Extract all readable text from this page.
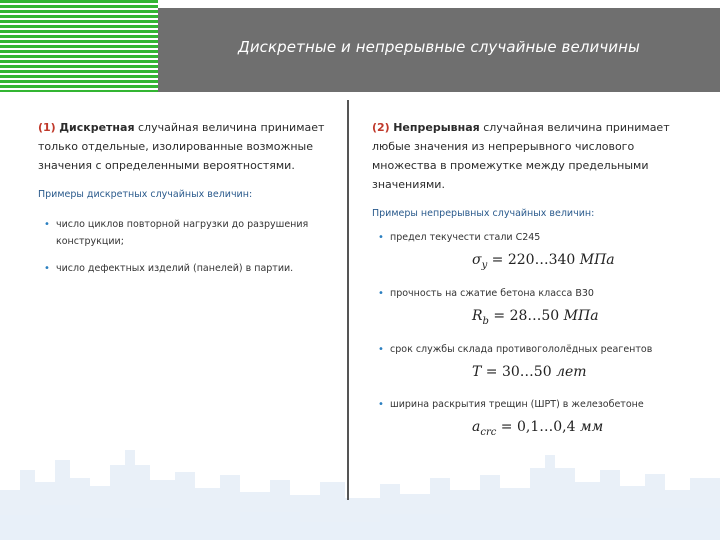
Дискретные и непрерывные случайные величины

(1) Дискретная случайная величина принимает только отдельные, изолированные возможные значения с определенными вероятностями.

Примеры дискретных случайных величин:

• число циклов повторной нагрузки до разрушения конструкции;

• число дефектных изделий (панелей) в партии.

(2) Непрерывная случайная величина принимает любые значения из непрерывного числового множества в промежутке между предельными значениями.

Примеры непрерывных случайных величин:

• предел текучести стали С245

$\sigma_y$ = 220…340 МПа

• прочность на сжатие бетона класса В30

$R_b$ = 28…50 МПа

• срок службы склада противогололёдных реагентов

T = 30…50 лет

• ширина раскрытия трещин (ШРТ) в железобетоне

$a_{crc}$ = 0,1…0,4 мм
